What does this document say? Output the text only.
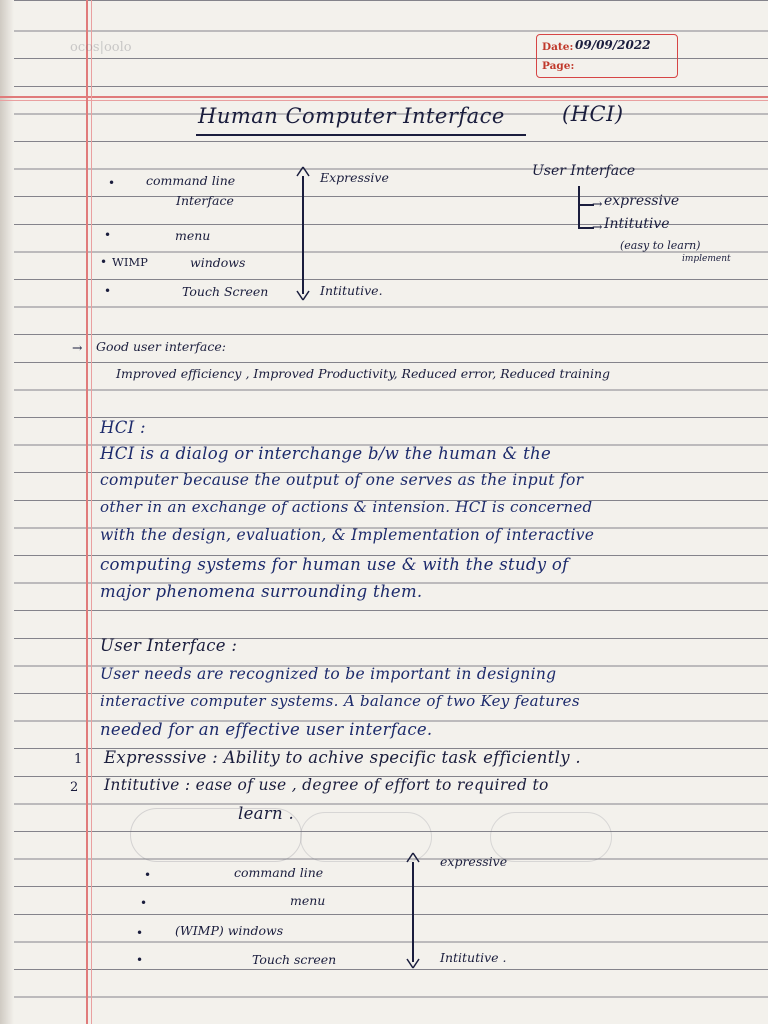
ocos|oolo	Date: 09/09/2022
Page:
Human Computer Interface	(HCI)
• command line
Interface
•	menu
• WIMP	windows
•	Touch Screen
Expressive
Intitutive.
User Interface
→ expressive
→ Intitutive
(easy to learn)
implement
→ Good user interface:
Improved efficiency , Improved Productivity, Reduced error, Reduced training
HCI :
HCI is a dialog or interchange b/w the human & the
computer because the output of one serves as the input for
other in an exchange of actions & intension. HCI is concerned
with the design, evaluation, & Implementation of interactive
computing systems for human use & with the study of
major phenomena surrounding them.
User Interface :
User needs are recognized to be important in designing
interactive computer systems. A balance of two Key features
needed for an effective user interface.
1 Expresssive : Ability to achive specific task efficiently .
2 Intitutive : ease of use , degree of effort to required to
learn .
•	command line
•	menu
•	(WIMP) windows
•	Touch screen
expressive
Intitutive .
